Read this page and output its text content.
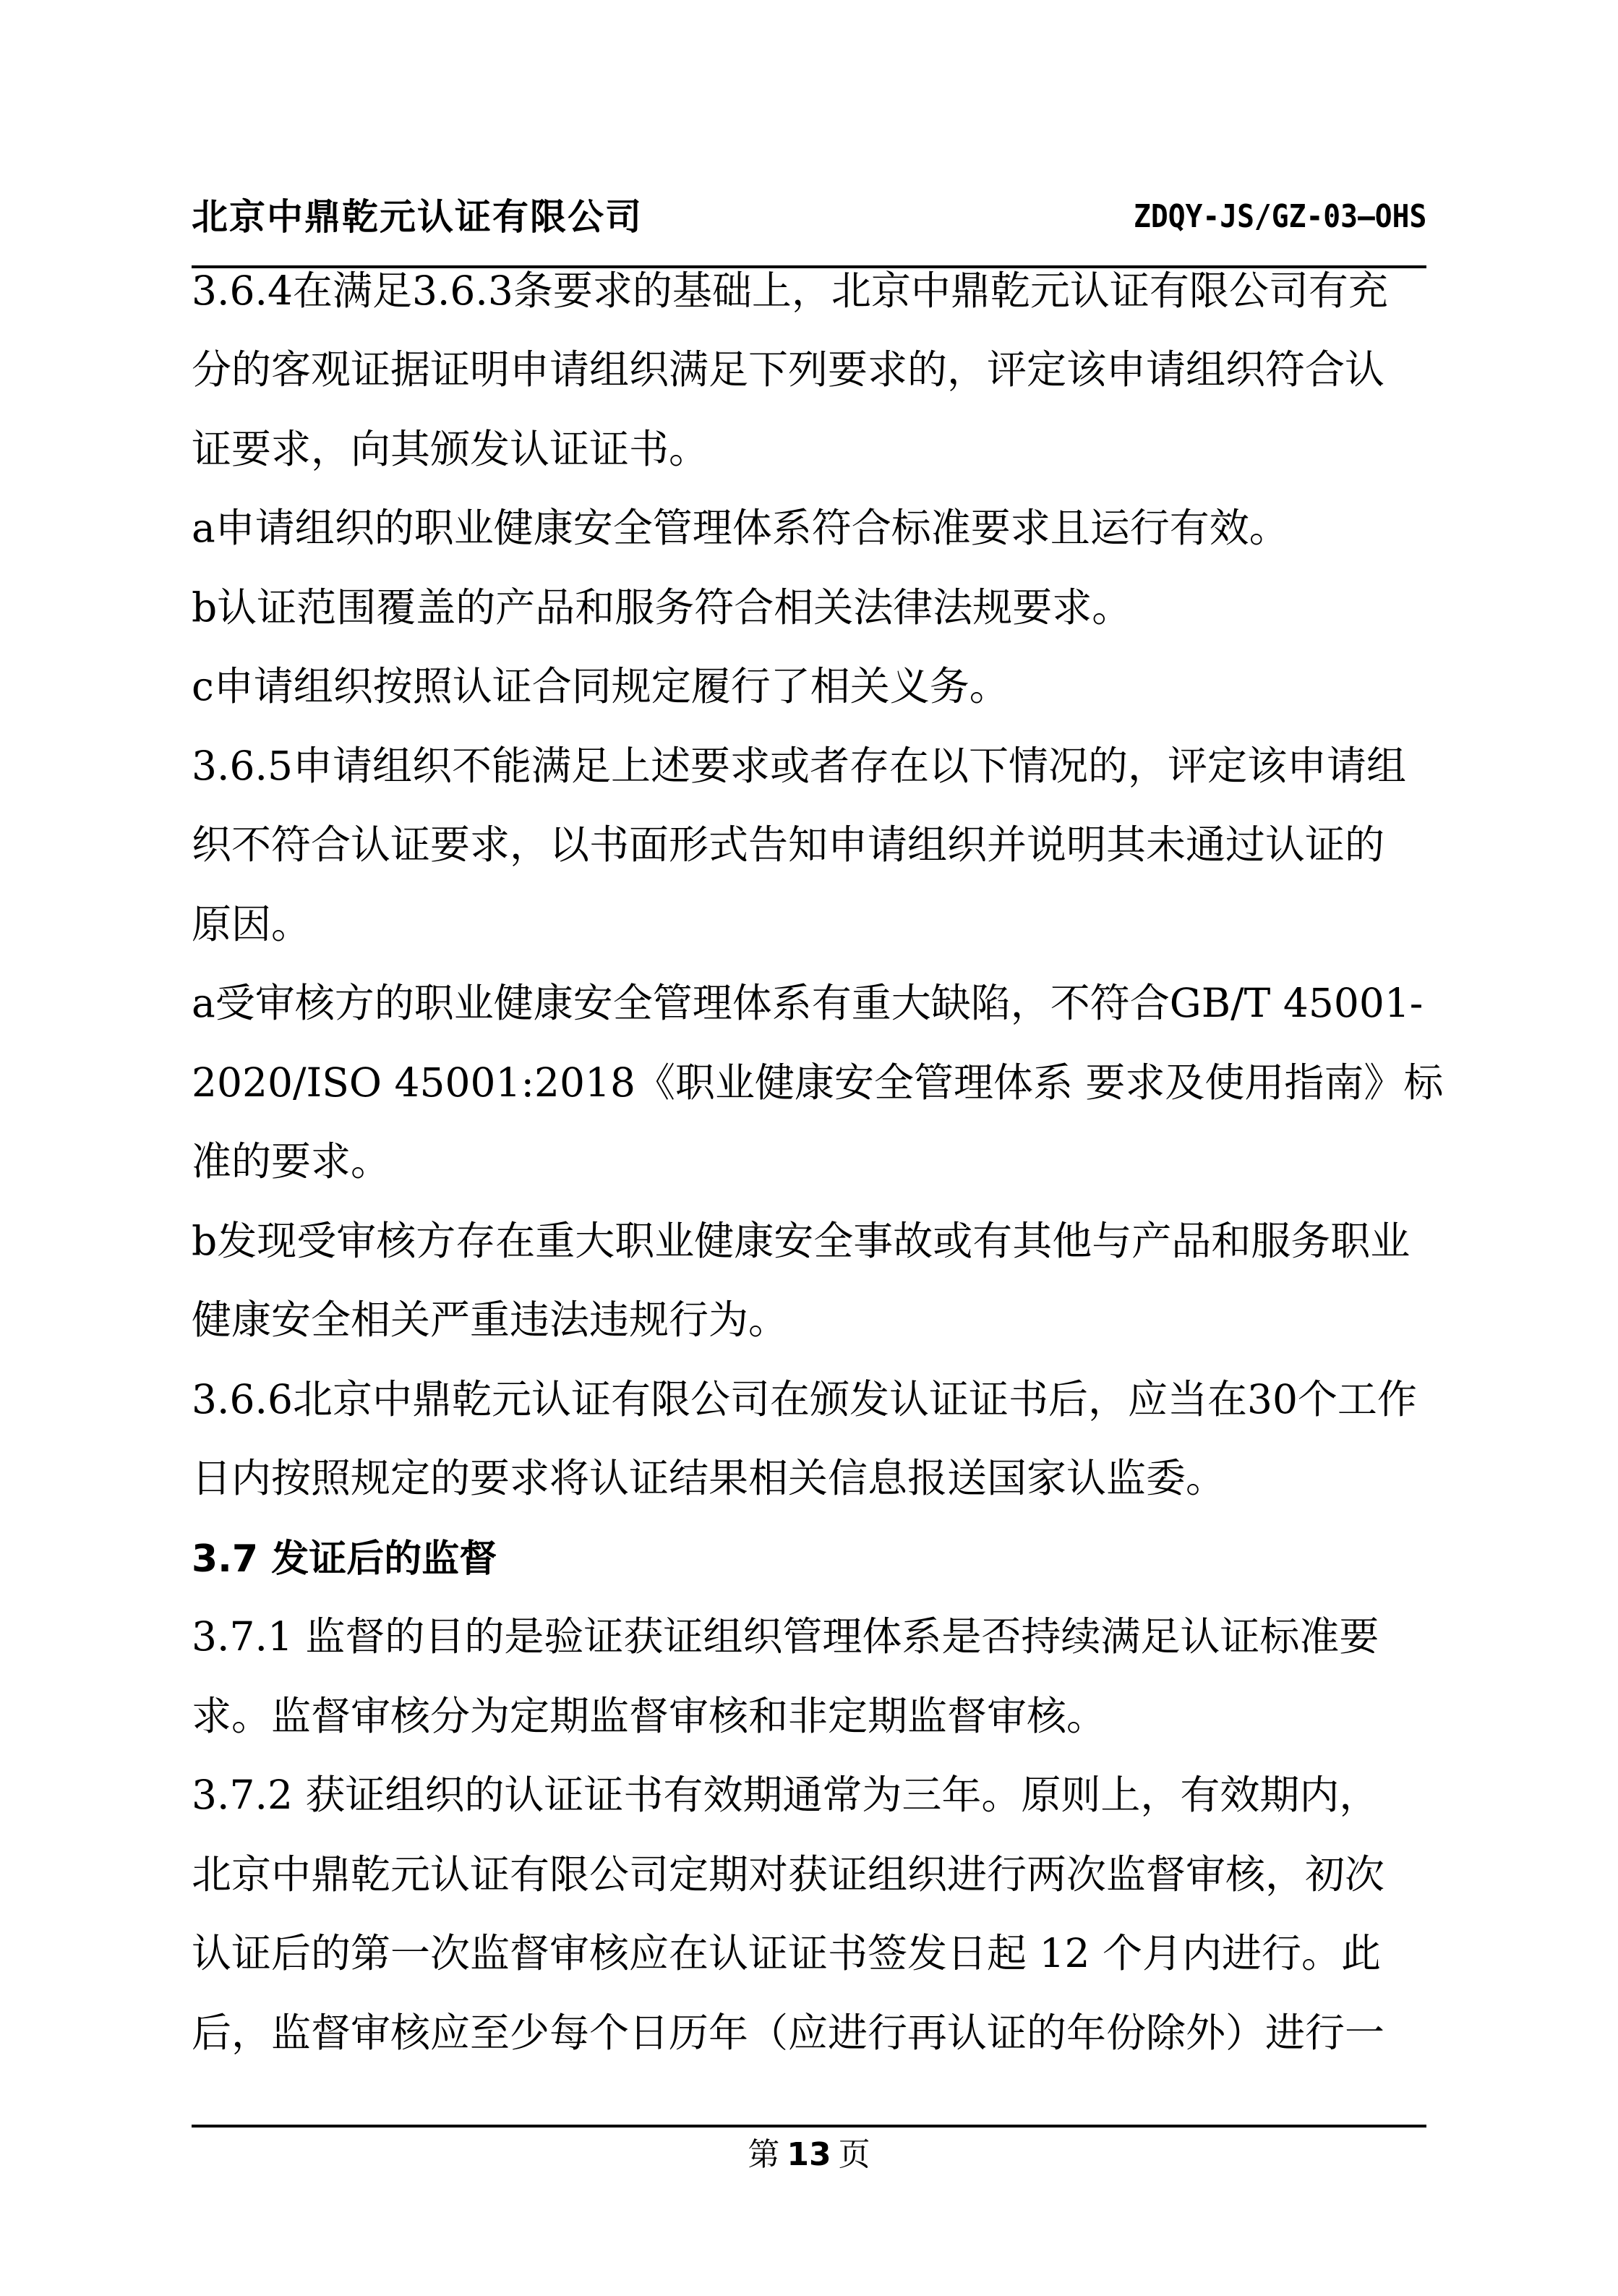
北京中鼎乾元认证有限公司	ZDQY-JS/GZ-03—OHS
3.6.4在满足3.6.3条要求的基础上，北京中鼎乾元认证有限公司有充
分的客观证据证明申请组织满足下列要求的，评定该申请组织符合认
证要求，向其颁发认证证书。
a申请组织的职业健康安全管理体系符合标准要求且运行有效。
b认证范围覆盖的产品和服务符合相关法律法规要求。
c申请组织按照认证合同规定履行了相关义务。
3.6.5申请组织不能满足上述要求或者存在以下情况的，评定该申请组
织不符合认证要求，以书面形式告知申请组织并说明其未通过认证的
原因。
a受审核方的职业健康安全管理体系有重大缺陷，不符合GB/T 45001-
2020/ISO 45001:2018《职业健康安全管理体系 要求及使用指南》标
准的要求。
b发现受审核方存在重大职业健康安全事故或有其他与产品和服务职业
健康安全相关严重违法违规行为。
3.6.6北京中鼎乾元认证有限公司在颁发认证证书后，应当在30个工作
日内按照规定的要求将认证结果相关信息报送国家认监委。
3.7 发证后的监督
3.7.1 监督的目的是验证获证组织管理体系是否持续满足认证标准要
求。监督审核分为定期监督审核和非定期监督审核。
3.7.2 获证组织的认证证书有效期通常为三年。原则上，有效期内，
北京中鼎乾元认证有限公司定期对获证组织进行两次监督审核，初次
认证后的第一次监督审核应在认证证书签发日起 12 个月内进行。此
后，监督审核应至少每个日历年（应进行再认证的年份除外）进行一
第 13 页
